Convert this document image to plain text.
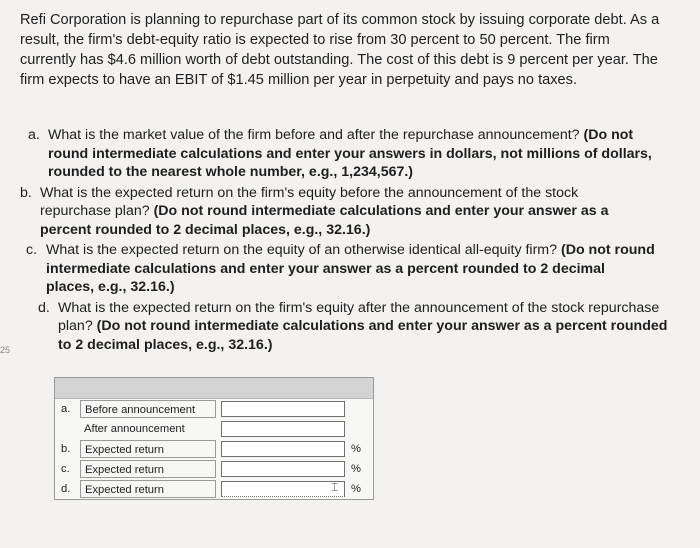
Refi Corporation is planning to repurchase part of its common stock by issuing corporate debt. As a result, the firm's debt-equity ratio is expected to rise from 30 percent to 50 percent. The firm currently has $4.6 million worth of debt outstanding. The cost of this debt is 9 percent per year. The firm expects to have an EBIT of $1.45 million per year in perpetuity and pays no taxes.
a. What is the market value of the firm before and after the repurchase announcement? (Do not round intermediate calculations and enter your answers in dollars, not millions of dollars, rounded to the nearest whole number, e.g., 1,234,567.)
b. What is the expected return on the firm's equity before the announcement of the stock repurchase plan? (Do not round intermediate calculations and enter your answer as a percent rounded to 2 decimal places, e.g., 32.16.)
c. What is the expected return on the equity of an otherwise identical all-equity firm? (Do not round intermediate calculations and enter your answer as a percent rounded to 2 decimal places, e.g., 32.16.)
d. What is the expected return on the firm's equity after the announcement of the stock repurchase plan? (Do not round intermediate calculations and enter your answer as a percent rounded to 2 decimal places, e.g., 32.16.)
25
a.	Before announcement
After announcement
b.	Expected return	%
c.	Expected return	%
d.	Expected return	%
⌶
